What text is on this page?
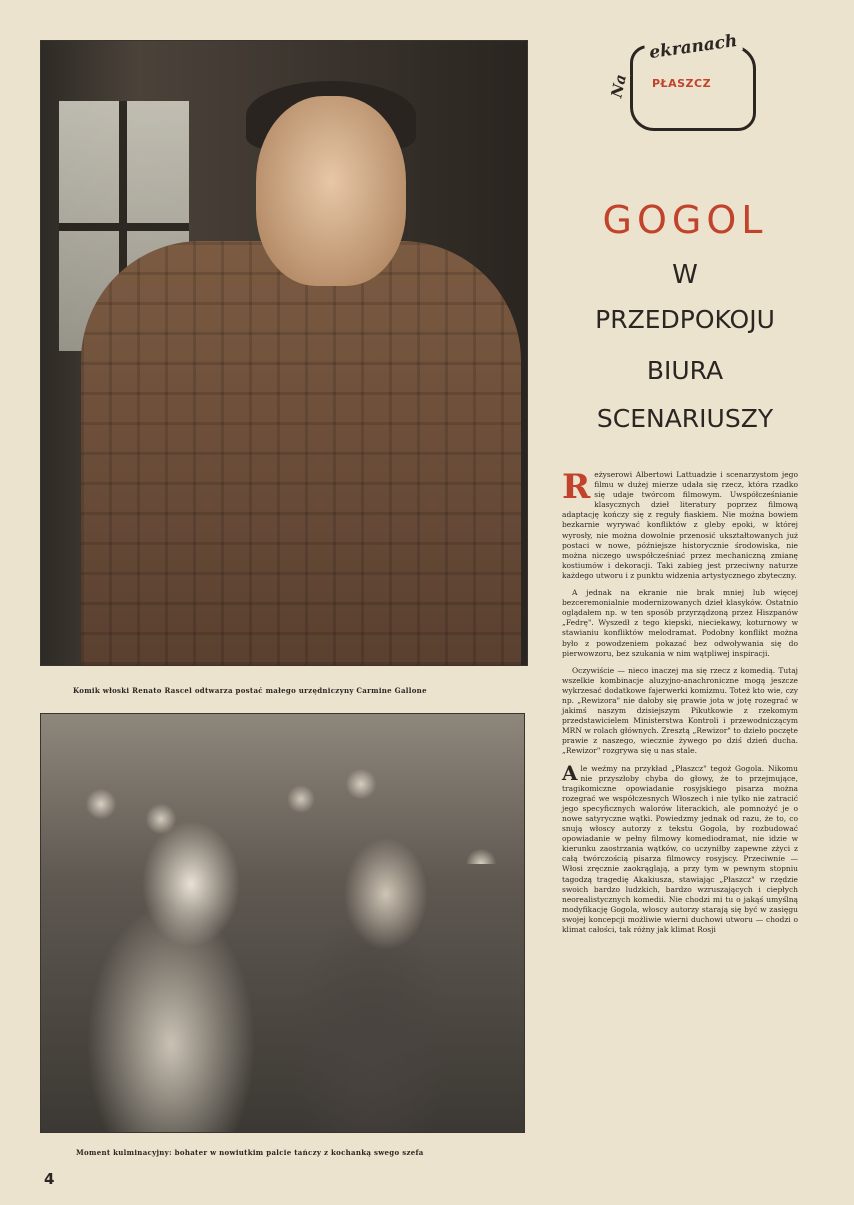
Komik włoski Renato Rascel odtwarza postać małego urzędniczyny Carmine Gallone
Moment kulminacyjny: bohater w nowiutkim palcie tańczy z kochanką swego szefa
4
ekranach
Na PŁASZCZ
GOGOL
W
PRZEDPOKOJU
BIURA
SCENARIUSZY

Reżyserowi Albertowi Lattuadzie i scenarzystom jego filmu w dużej mierze udała się rzecz, która rzadko się udaje twórcom filmowym. Uwspółcześnianie klasycznych dzieł literatury poprzez filmową adaptację kończy się z reguły fiaskiem. Nie można bowiem bezkarnie wyrywać konfliktów z gleby epoki, w której wyrosły, nie można dowolnie przenosić ukształtowanych już postaci w nowe, późniejsze historycznie środowiska, nie można niczego uwspółcześniać przez mechaniczną zmianę kostiumów i dekoracji. Taki zabieg jest przeciwny naturze każdego utworu i z punktu widzenia artystycznego zbyteczny.

A jednak na ekranie nie brak mniej lub więcej bezceremonialnie modernizowanych dzieł klasyków. Ostatnio oglądałem np. w ten sposób przyrządzoną przez Hiszpanów „Fedrę". Wyszedł z tego kiepski, nieciekawy, koturnowy w stawianiu konfliktów melodramat. Podobny konflikt można było z powodzeniem pokazać bez odwoływania się do pierwowzoru, bez szukania w nim wątpliwej inspiracji.

Oczywiście — nieco inaczej ma się rzecz z komedią. Tutaj wszelkie kombinacje aluzyjno-anachroniczne mogą jeszcze wykrzesać dodatkowe fajerwerki komizmu. Toteż kto wie, czy np. „Rewizora" nie dałoby się prawie jota w jotę rozegrać w jakimś naszym dzisiejszym Pikutkowie z rzekomym przedstawicielem Ministerstwa Kontroli i przewodniczącym MRN w rolach głównych. Zresztą „Rewizor" to dzieło poczęte prawie z naszego, wiecznie żywego po dziś dzień ducha. „Rewizor" rozgrywa się u nas stale.

Ale weźmy na przykład „Płaszcz" tegoż Gogola. Nikomu nie przyszłoby chyba do głowy, że to przejmujące, tragikomiczne opowiadanie rosyjskiego pisarza można rozegrać we współczesnych Włoszech i nie tylko nie zatracić jego specyficznych walorów literackich, ale pomnożyć je o nowe satyryczne wątki. Powiedzmy jednak od razu, że to, co snują włoscy autorzy z tekstu Gogola, by rozbudować opowiadanie w pełny filmowy komediodramat, nie idzie w kierunku zaostrzania wątków, co uczyniłby zapewne zżyci z całą twórczością pisarza filmowcy rosyjscy. Przeciwnie — Włosi zręcznie zaokrąglają, a przy tym w pewnym stopniu tagodzą tragedię Akakiusza, stawiając „Płaszcz" w rzędzie swoich bardzo ludzkich, bardzo wzruszających i ciepłych neorealistycznych komedii. Nie chodzi mi tu o jakąś umyślną modyfikację Gogola, włoscy autorzy starają się być w zasięgu swojej koncepcji możliwie wierni duchowi utworu — chodzi o klimat całości, tak różny jak klimat Rosji
